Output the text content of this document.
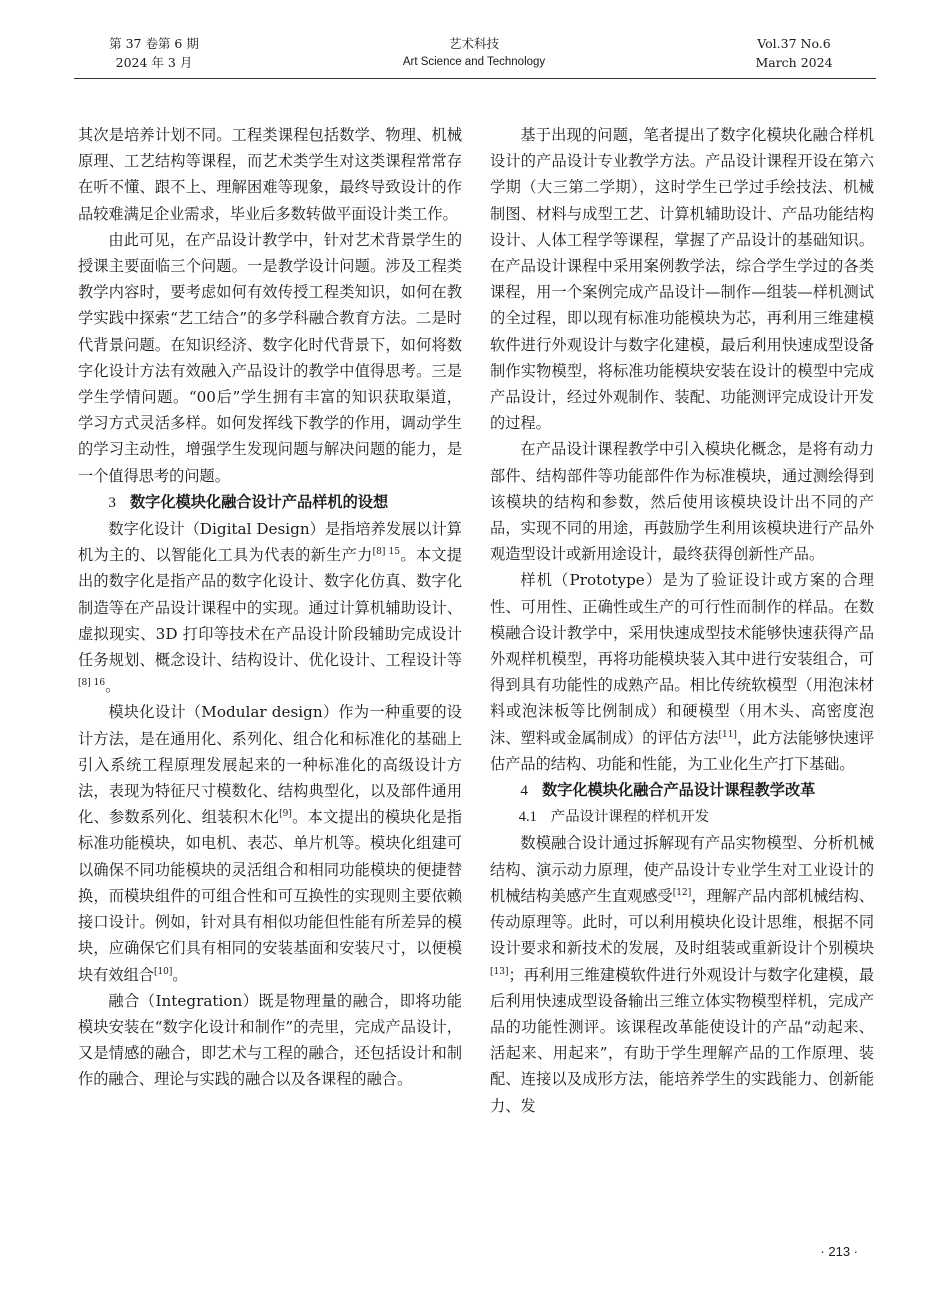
第 37 卷第 6 期
2024 年 3 月
艺术科技
Art Science and Technology
Vol.37 No.6
March 2024

其次是培养计划不同。工程类课程包括数学、物理、机械原理、工艺结构等课程，而艺术类学生对这类课程常常存在听不懂、跟不上、理解困难等现象，最终导致设计的作品较难满足企业需求，毕业后多数转做平面设计类工作。

由此可见，在产品设计教学中，针对艺术背景学生的授课主要面临三个问题。一是教学设计问题。涉及工程类教学内容时，要考虑如何有效传授工程类知识，如何在教学实践中探索“艺工结合”的多学科融合教育方法。二是时代背景问题。在知识经济、数字化时代背景下，如何将数字化设计方法有效融入产品设计的教学中值得思考。三是学生学情问题。“00后”学生拥有丰富的知识获取渠道，学习方式灵活多样。如何发挥线下教学的作用，调动学生的学习主动性，增强学生发现问题与解决问题的能力，是一个值得思考的问题。

3 数字化模块化融合设计产品样机的设想

数字化设计（Digital Design）是指培养发展以计算机为主的、以智能化工具为代表的新生产力$^{[8] 15}$。本文提出的数字化是指产品的数字化设计、数字化仿真、数字化制造等在产品设计课程中的实现。通过计算机辅助设计、虚拟现实、3D 打印等技术在产品设计阶段辅助完成设计任务规划、概念设计、结构设计、优化设计、工程设计等$^{[8] 16}$。

模块化设计（Modular design）作为一种重要的设计方法，是在通用化、系列化、组合化和标准化的基础上引入系统工程原理发展起来的一种标准化的高级设计方法，表现为特征尺寸模数化、结构典型化，以及部件通用化、参数系列化、组装积木化[9]。本文提出的模块化是指标准功能模块，如电机、表芯、单片机等。模块化组建可以确保不同功能模块的灵活组合和相同功能模块的便捷替换，而模块组件的可组合性和可互换性的实现则主要依赖接口设计。例如，针对具有相似功能但性能有所差异的模块，应确保它们具有相同的安装基面和安装尺寸，以便模块有效组合[10]。

融合（Integration）既是物理量的融合，即将功能模块安装在“数字化设计和制作”的壳里，完成产品设计，又是情感的融合，即艺术与工程的融合，还包括设计和制作的融合、理论与实践的融合以及各课程的融合。

基于出现的问题，笔者提出了数字化模块化融合样机设计的产品设计专业教学方法。产品设计课程开设在第六学期（大三第二学期），这时学生已学过手绘技法、机械制图、材料与成型工艺、计算机辅助设计、产品功能结构设计、人体工程学等课程，掌握了产品设计的基础知识。在产品设计课程中采用案例教学法，综合学生学过的各类课程，用一个案例完成产品设计—制作—组装—样机测试的全过程，即以现有标准功能模块为芯，再利用三维建模软件进行外观设计与数字化建模，最后利用快速成型设备制作实物模型，将标准功能模块安装在设计的模型中完成产品设计，经过外观制作、装配、功能测评完成设计开发的过程。

在产品设计课程教学中引入模块化概念，是将有动力部件、结构部件等功能部件作为标准模块，通过测绘得到该模块的结构和参数，然后使用该模块设计出不同的产品，实现不同的用途，再鼓励学生利用该模块进行产品外观造型设计或新用途设计，最终获得创新性产品。

样机（Prototype）是为了验证设计或方案的合理性、可用性、正确性或生产的可行性而制作的样品。在数模融合设计教学中，采用快速成型技术能够快速获得产品外观样机模型，再将功能模块装入其中进行安装组合，可得到具有功能性的成熟产品。相比传统软模型（用泡沫材料或泡沫板等比例制成）和硬模型（用木头、高密度泡沫、塑料或金属制成）的评估方法[11]，此方法能够快速评估产品的结构、功能和性能，为工业化生产打下基础。

4 数字化模块化融合产品设计课程教学改革
4.1 产品设计课程的样机开发

数模融合设计通过拆解现有产品实物模型、分析机械结构、演示动力原理，使产品设计专业学生对工业设计的机械结构美感产生直观感受[12]，理解产品内部机械结构、传动原理等。此时，可以利用模块化设计思维，根据不同设计要求和新技术的发展，及时组装或重新设计个别模块[13]；再利用三维建模软件进行外观设计与数字化建模，最后利用快速成型设备输出三维立体实物模型样机，完成产品的功能性测评。该课程改革能使设计的产品“动起来、活起来、用起来”，有助于学生理解产品的工作原理、装配、连接以及成形方法，能培养学生的实践能力、创新能力、发

· 213 ·
